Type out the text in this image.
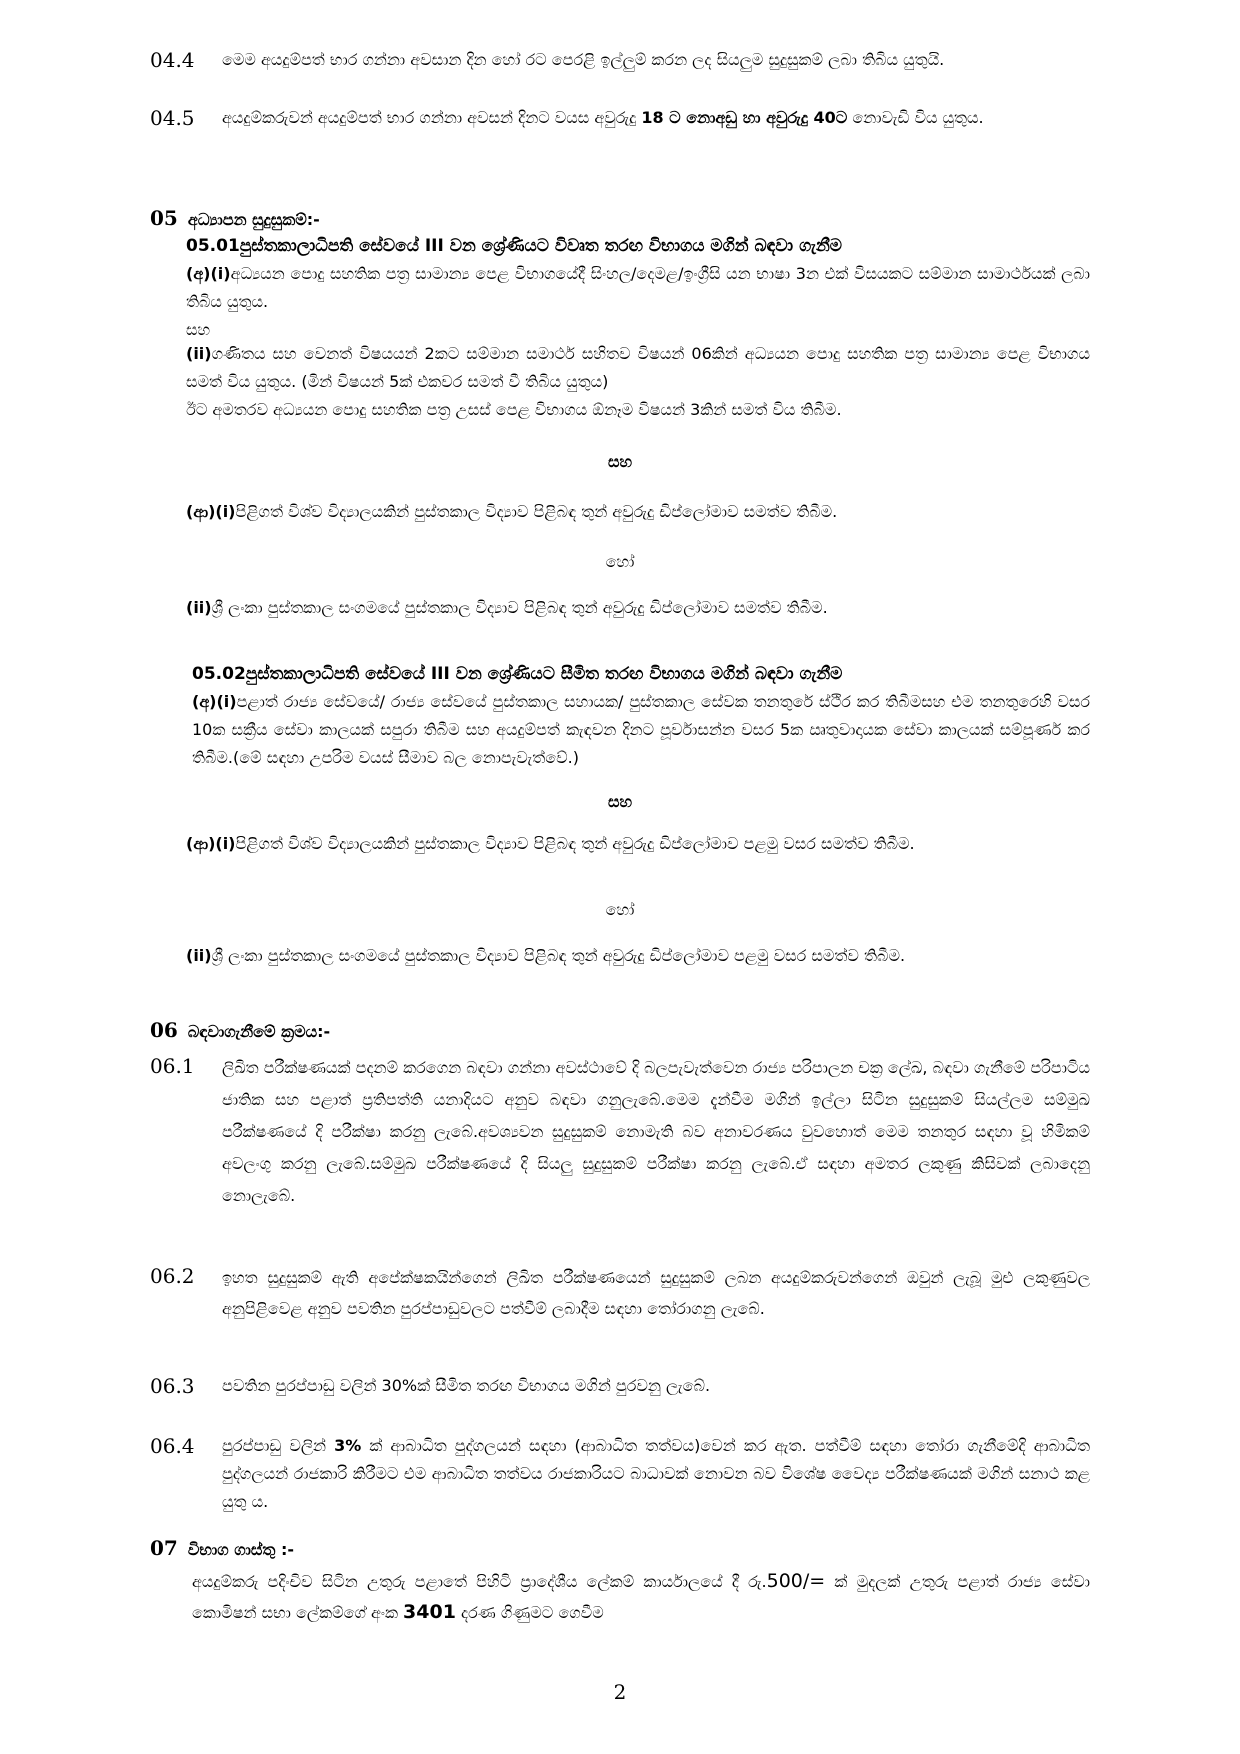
04.4 මෙම අයදුම්පත් භාර ගන්නා අවසාන දින හෝ රට පෙරළි ඉල්ලුම් කරන ලද සියලුම සුදුසුකම් ලබා තිබිය යුතුයි.
04.5 අයදුම්කරුවන් අයදුම්පත් භාර ගන්නා අවසන් දිනට වයස අවුරුදු 18 ට නොඅඩු හා අවුරුදු 40ට නොවැඩි විය යුතුය.
05 අධ්‍යාපන සුදුසුකම්:-
05.01පුස්තකාලාධිපති සේවයේ III වන ශ්‍රේණියට විවෘත තරඟ විභාගය මගින් බඳවා ගැනීම
(අ)(i)අධ්‍යයන පොදු සහතික පත්‍ර සාමාන්‍ය පෙළ විභාගයේදී සිංහල/දෙමළ/ඉංග්‍රීසි යන භාෂා 3න එක් විසයකට සම්මාන සාමාර්ථයක් ලබා තිබිය යුතුය.
සහ
(ii)ගණිතය සහ වෙනත් විෂයයන් 2කට සම්මාන සමාර්ථ සහිතව විෂයන් 06කින් අධ්‍යයන පොදු සහතික පත්‍ර සාමාන්‍ය පෙළ විභාගය සමත් විය යුතුය. (මින් විෂයන් 5ක් එකවර සමත් වී තිබිය යුතුය)
ඊට අමතරව අධ්‍යයන පොදු සහතික පත්‍ර උසස් පෙළ විභාගය ඕනෑම විෂයන් 3කින් සමත් විය තිබීම.
සහ
(ආ)(i)පිළිගත් විශ්ව විද්‍යාලයකින් පුස්තකාල විද්‍යාව පිළිබඳ තුන් අවුරුදු ඩිප්ලෝමාව සමත්ව තිබීම.
හෝ
(ii)ශ්‍රී ලංකා පුස්තකාල සංගමයේ පුස්තකාල විද්‍යාව පිළිබඳ තුන් අවුරුදු ඩිප්ලෝමාව සමත්ව තිබීම.
05.02පුස්තකාලාධිපති සේවයේ III වන ශ්‍රේණියට සීමිත තරඟ විභාගය මගින් බඳවා ගැනීම
(අ)(i)පළාත් රාජ්‍ය සේවයේ/ රාජ්‍ය සේවයේ පුස්තකාල සහායක/ පුස්තකාල සේවක තනතුරේ ස්ථිර කර තිබීමසහ එම තනතුරෙහි වසර 10ක සක්‍රීය සේවා කාලයක් සපුරා තිබීම සහ අයදුම්පත් කැඳවන දිනට පූර්වාසන්න වසර 5ක ඍතුවාදායක සේවා කාලයක් සම්පූර්ණ කර තිබීම.(මේ සඳහා උපරිම වයස් සීමාව බල නොපැවැත්වේ.)
සහ
(ආ)(i)පිළිගත් විශ්ව විද්‍යාලයකින් පුස්තකාල විද්‍යාව පිළිබඳ තුන් අවුරුදු ඩිප්ලෝමාව පළමු වසර සමත්ව තිබීම.
හෝ
(ii)ශ්‍රී ලංකා පුස්තකාල සංගමයේ පුස්තකාල විද්‍යාව පිළිබඳ තුන් අවුරුදු ඩිප්ලෝමාව පළමු වසර සමත්ව තිබීම.
06 බඳවාගැනීමේ ක්‍රමය:-
06.1 ලිඛිත පරීක්ෂණයක් පදනම් කරගෙන බඳවා ගන්නා අවස්ථාවේ දි බලපැවැත්වෙන රාජ්‍ය පරිපාලන චක්‍ර ලේඛ, බඳවා ගැනීමේ පරිපාටිය ජාතික සහ පළාත් ප්‍රතිපත්ති යනාදියට අනුව බඳවා ගනුලැබේ.මෙම දැන්වීම මගින් ඉල්ලා සිටින සුදුසුකම් සියල්ලම සම්මුඛ පරීක්ෂණයේ දි පරීක්ෂා කරනු ලැබේ.අවශ්‍යවන සුදුසුකම් නොමැති බව අනාවරණය වුවහොත් මෙම තනතුර සඳහා වූ හිමිකම් අවලංගු කරනු ලැබේ.සම්මුඛ පරීක්ෂණයේ දි සියලු සුදුසුකම් පරීක්ෂා කරනු ලැබේ.ඒ සඳහා අමතර ලකුණු කිසිවක් ලබාදෙනු නොලැබේ.
06.2 ඉහත සුදුසුකම් ඇති අපේක්ෂකයින්ගෙන් ලිඛිත පරීක්ෂණයෙන් සුදුසුකම් ලබන අයදුම්කරුවන්ගෙන් ඔවුන් ලැබූ මුළු ලකුණුවල අනුපිළිවෙළ අනුව පවතින පුරප්පාඩුවලට පත්වීම් ලබාදීම සඳහා තෝරාගනු ලැබේ.
06.3 පවතින පුරප්පාඩු වලින් 30%ක් සීමිත තරඟ විභාගය මගින් පුරවනු ලැබේ.
06.4 පුරප්පාඩු වලින් 3% ක් ආබාධිත පුද්ගලයන් සඳහා (ආබාධිත තත්වය)වෙන් කර ඇත. පත්වීම් සඳහා තෝරා ගැනීමේදි ආබාධිත පුද්ගලයන් රාජකාරි කිරීමට එම ආබාධිත තත්වය රාජකාරියට බාධාවක් නොවන බව විශේෂ වෛද්‍ය පරීක්ෂණයක් මගින් සනාථ කළ යුතු ය.
07 විභාග ගාස්තු :-
අයදුම්කරු පදිංචිව සිටින උතුරු පළාතේ පිහිටි ප්‍රාදේශීය ලේකම් කාර්යාලයේ දී රු.500/= ක් මුදලක් උතුරු පළාත් රාජ්‍ය සේවා කොමිෂන් සභා ලේකම්ගේ අංක 3401 දරණ ගිණුමට ගෙවීම
2
